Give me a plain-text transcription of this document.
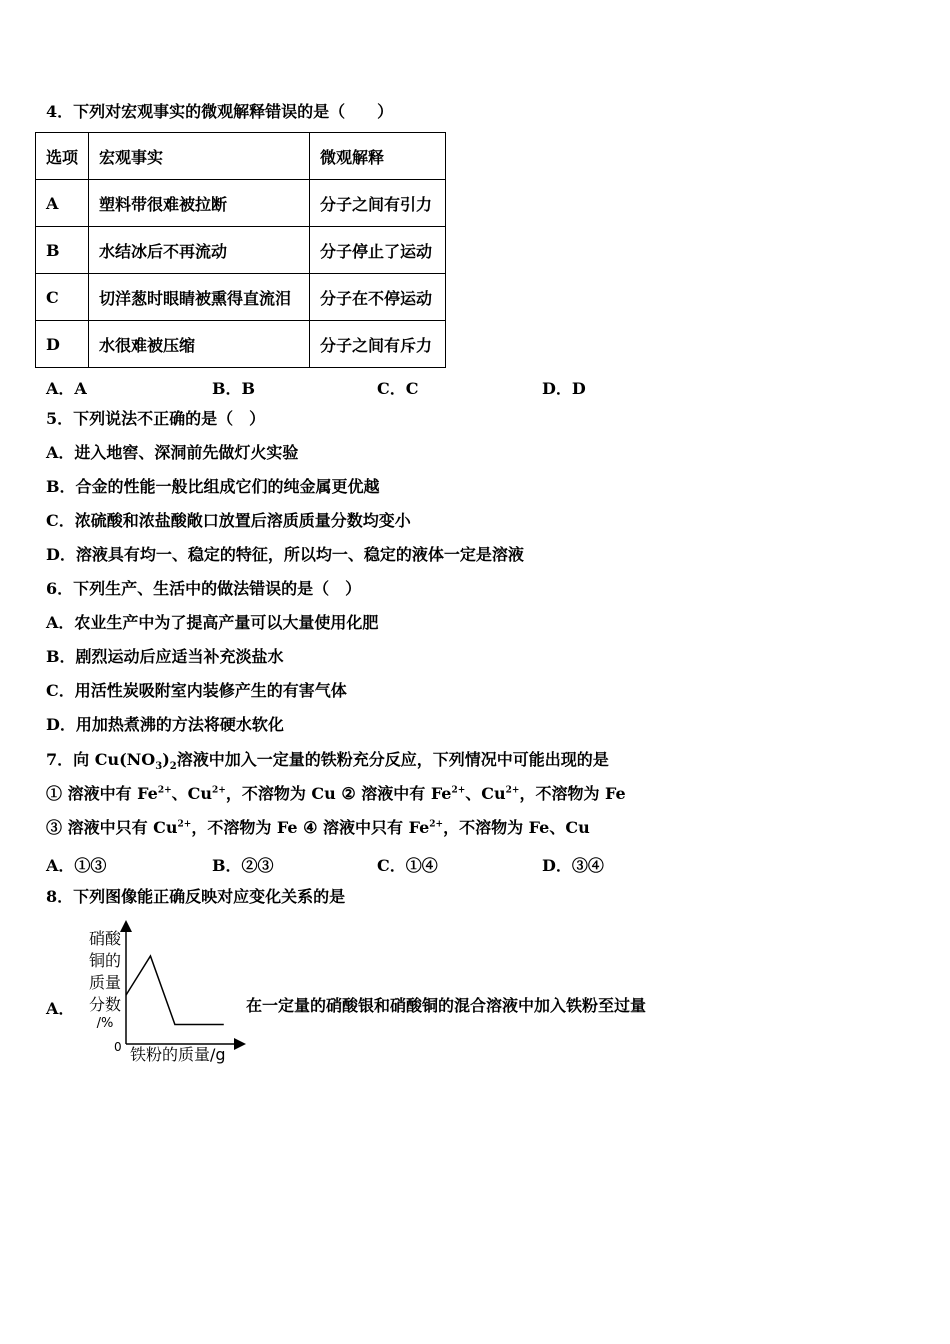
4．下列对宏观事实的微观解释错误的是（　　）
选项	宏观事实	微观解释
A	塑料带很难被拉断	分子之间有引力
B	水结冰后不再流动	分子停止了运动
C	切洋葱时眼睛被熏得直流泪	分子在不停运动
D	水很难被压缩	分子之间有斥力
A．A	B．B	C．C	D．D
5．下列说法不正确的是（　）
A．进入地窖、深洞前先做灯火实验
B．合金的性能一般比组成它们的纯金属更优越
C．浓硫酸和浓盐酸敞口放置后溶质质量分数均变小
D．溶液具有均一、稳定的特征，所以均一、稳定的液体一定是溶液
6．下列生产、生活中的做法错误的是（　）
A．农业生产中为了提高产量可以大量使用化肥
B．剧烈运动后应适当补充淡盐水
C．用活性炭吸附室内装修产生的有害气体
D．用加热煮沸的方法将硬水软化
7．向 $Cu(NO_3)_2$溶液中加入一定量的铁粉充分反应，下列情况中可能出现的是
① 溶液中有 $Fe^{2+}$、$Cu^{2+}$，不溶物为 Cu ② 溶液中有 $Fe^{2+}$、$Cu^{2+}$，不溶物为 Fe
③ 溶液中只有 $Cu^{2+}$，不溶物为 Fe ④ 溶液中只有 $Fe^{2+}$，不溶物为 Fe、Cu
A．①③	B．②③	C．①④	D．③④
8．下列图像能正确反映对应变化关系的是
A．
硝酸
铜的
质量
分数
/%
0 铁粉的质量/g
在一定量的硝酸银和硝酸铜的混合溶液中加入铁粉至过量
